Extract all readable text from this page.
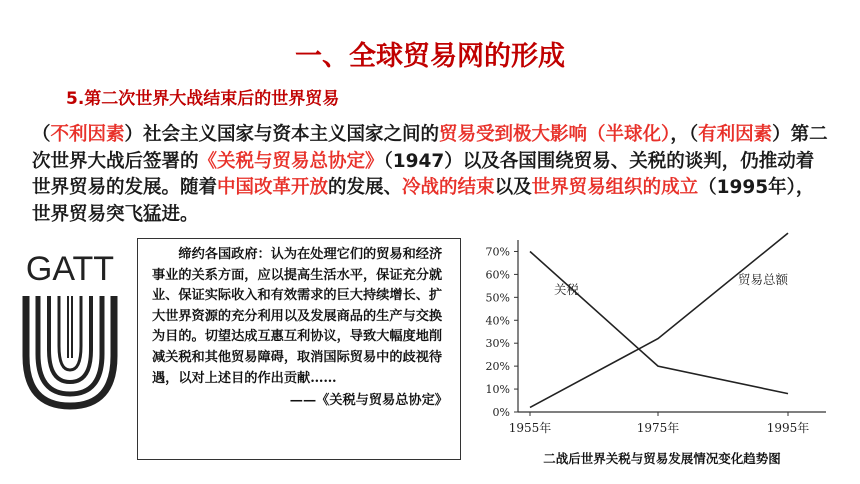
一、全球贸易网的形成
5.第二次世界大战结束后的世界贸易
（不利因素）社会主义国家与资本主义国家之间的贸易受到极大影响（半球化），（有利因素）第二次世界大战后签署的《关税与贸易总协定》（1947）以及各国围绕贸易、关税的谈判，仍推动着世界贸易的发展。随着中国改革开放的发展、冷战的结束以及世界贸易组织的成立（1995年），世界贸易突飞猛进。
GATT	缔约各国政府：认为在处理它们的贸易和经济事业的关系方面，应以提高生活水平，保证充分就业、保证实际收入和有效需求的巨大持续增长、扩大世界资源的充分利用以及发展商品的生产与交换为目的。切望达成互惠互利协议，导致大幅度地削减关税和其他贸易障碍，取消国际贸易中的歧视待遇，以对上述目的作出贡献……
——《关税与贸易总协定》
0%
10%
20%
30%
40%
50%
60%
70%
1955年	1975年	1995年
关税
贸易总额
二战后世界关税与贸易发展情况变化趋势图
